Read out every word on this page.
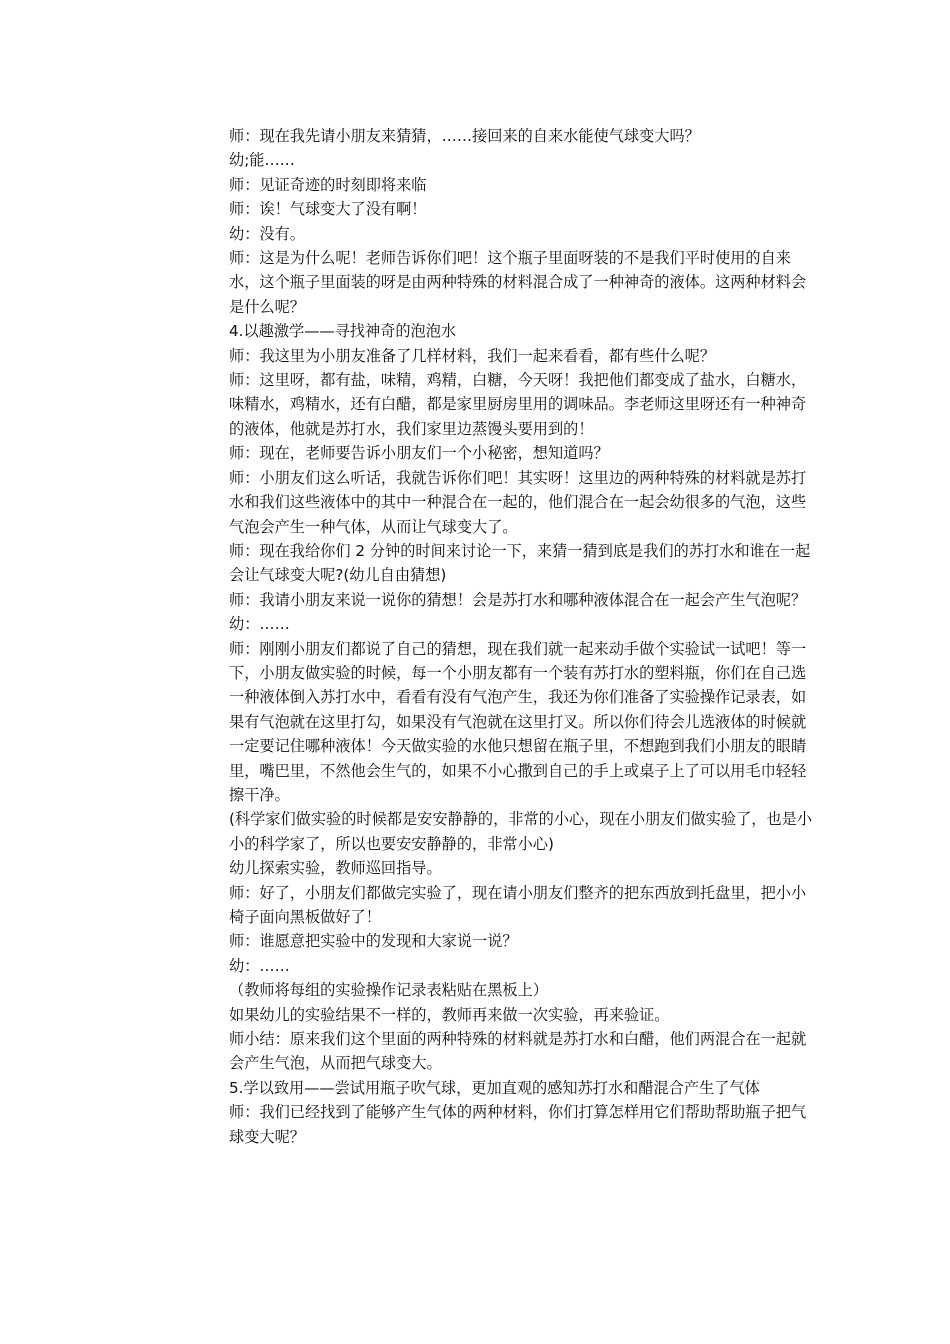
师：现在我先请小朋友来猜猜，……接回来的自来水能使气球变大吗？

幼;能……

师：见证奇迹的时刻即将来临

师：诶！气球变大了没有啊！

幼：没有。

师：这是为什么呢！老师告诉你们吧！这个瓶子里面呀装的不是我们平时使用的自来水，这个瓶子里面装的呀是由两种特殊的材料混合成了一种神奇的液体。这两种材料会是什么呢？

4.以趣激学——寻找神奇的泡泡水

师：我这里为小朋友准备了几样材料，我们一起来看看，都有些什么呢？

师：这里呀，都有盐，味精，鸡精，白糖，今天呀！我把他们都变成了盐水，白糖水，味精水，鸡精水，还有白醋，都是家里厨房里用的调味品。李老师这里呀还有一种神奇的液体，他就是苏打水，我们家里边蒸馒头要用到的！

师：现在，老师要告诉小朋友们一个小秘密，想知道吗？

师：小朋友们这么听话，我就告诉你们吧！其实呀！这里边的两种特殊的材料就是苏打水和我们这些液体中的其中一种混合在一起的，他们混合在一起会幼很多的气泡，这些气泡会产生一种气体，从而让气球变大了。

师：现在我给你们 2 分钟的时间来讨论一下，来猜一猜到底是我们的苏打水和谁在一起会让气球变大呢?(幼儿自由猜想)

师：我请小朋友来说一说你的猜想！会是苏打水和哪种液体混合在一起会产生气泡呢？

幼：……

师：刚刚小朋友们都说了自己的猜想，现在我们就一起来动手做个实验试一试吧！等一下，小朋友做实验的时候，每一个小朋友都有一个装有苏打水的塑料瓶，你们在自己选一种液体倒入苏打水中，看看有没有气泡产生，我还为你们准备了实验操作记录表，如果有气泡就在这里打勾，如果没有气泡就在这里打叉。所以你们待会儿选液体的时候就一定要记住哪种液体！今天做实验的水他只想留在瓶子里，不想跑到我们小朋友的眼睛里，嘴巴里，不然他会生气的，如果不小心撒到自己的手上或桌子上了可以用毛巾轻轻擦干净。

(科学家们做实验的时候都是安安静静的，非常的小心，现在小朋友们做实验了，也是小小的科学家了，所以也要安安静静的，非常小心)

幼儿探索实验，教师巡回指导。

师：好了，小朋友们都做完实验了，现在请小朋友们整齐的把东西放到托盘里，把小小椅子面向黑板做好了！

师：谁愿意把实验中的发现和大家说一说？

幼：……

（教师将每组的实验操作记录表粘贴在黑板上）

如果幼儿的实验结果不一样的，教师再来做一次实验，再来验证。

师小结：原来我们这个里面的两种特殊的材料就是苏打水和白醋，他们两混合在一起就会产生气泡，从而把气球变大。

5.学以致用——尝试用瓶子吹气球，更加直观的感知苏打水和醋混合产生了气体

师：我们已经找到了能够产生气体的两种材料，你们打算怎样用它们帮助帮助瓶子把气球变大呢？
